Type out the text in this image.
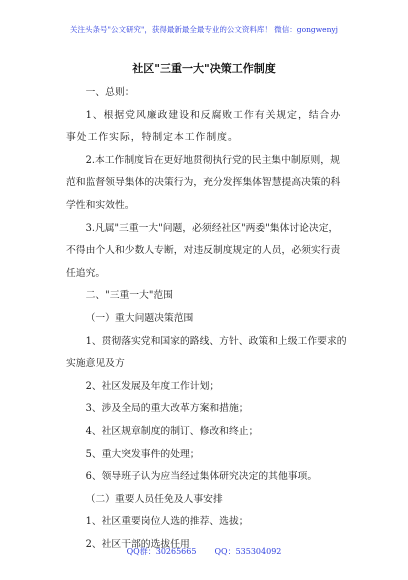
关注头条号"公文研究"，获得最新最全最专业的公文资料库！ 微信：gongwenyj
社区"三重一大"决策工作制度

一、总则：

1、根据党风廉政建设和反腐败工作有关规定，结合办事处工作实际，特制定本工作制度。

2.本工作制度旨在更好地贯彻执行党的民主集中制原则，规范和监督领导集体的决策行为，充分发挥集体智慧提高决策的科学性和实效性。

3.凡属"三重一大"问题，必须经社区"两委"集体讨论决定，不得由个人和少数人专断，对违反制度规定的人员，必须实行责任追究。

二、"三重一大"范围

（一）重大问题决策范围

1、贯彻落实党和国家的路线、方针、政策和上级工作要求的实施意见及方

2、社区发展及年度工作计划；

3、涉及全局的重大改革方案和措施；

4、社区规章制度的制订、修改和终止；

5、重大突发事件的处理；

6、领导班子认为应当经过集体研究决定的其他事项。

（二）重要人员任免及人事安排

1、社区重要岗位人选的推荐、选拔；

2、社区干部的选拔任用

QQ群：30265665 QQ：535304092
